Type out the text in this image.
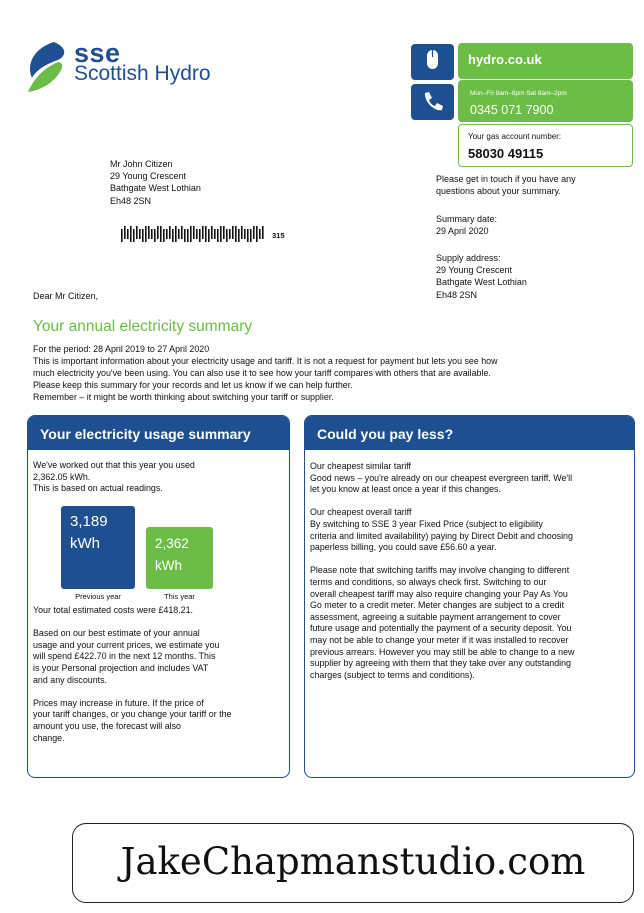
sse
Scottish Hydro
hydro.co.uk
Mon–Fri 8am–8pm Sat 8am–2pm
0345 071 7900
Your gas account number:
58030 49115
Mr John Citizen
29 Young Crescent
Bathgate West Lothian
Eh48 2SN
315
Please get in touch if you have any
questions about your summary.
Summary date:
29 April 2020
Supply address:
29 Young Crescent
Bathgate West Lothian
Eh48 2SN
Dear Mr Citizen,
Your annual electricity summary
For the period: 28 April 2019 to 27 April 2020
This is important information about your electricity usage and tariff. It is not a request for payment but lets you see how
much electricity you've been using. You can also use it to see how your tariff compares with others that are available.
Please keep this summary for your records and let us know if we can help further.
Remember – it might be worth thinking about switching your tariff or supplier.
Your electricity usage summary
We've worked out that this year you used
2,362.05 kWh.
This is based on actual readings.
3,189
kWh	2,362
kWh
Previous year	This year

Your total estimated costs were £418.21.

Based on our best estimate of your annual
usage and your current prices, we estimate you
will spend £422.70 in the next 12 months. This
is your Personal projection and includes VAT
and any discounts.

Prices may increase in future. If the price of
your tariff changes, or you change your tariff or the
amount you use, the forecast will also
change.

Could you pay less?

Our cheapest similar tariff
Good news – you're already on our cheapest evergreen tariff. We'll
let you know at least once a year if this changes.

Our cheapest overall tariff
By switching to SSE 3 year Fixed Price (subject to eligibility
criteria and limited availability) paying by Direct Debit and choosing
paperless billing, you could save £56.60 a year.

Please note that switching tariffs may involve changing to different
terms and conditions, so always check first. Switching to our
overall cheapest tariff may also require changing your Pay As You
Go meter to a credit meter. Meter changes are subject to a credit
assessment, agreeing a suitable payment arrangement to cover
future usage and potentially the payment of a security deposit. You
may not be able to change your meter if it was installed to recover
previous arrears. However you may still be able to change to a new
supplier by agreeing with them that they take over any outstanding
charges (subject to terms and conditions).

JakeChapmanstudio.com
